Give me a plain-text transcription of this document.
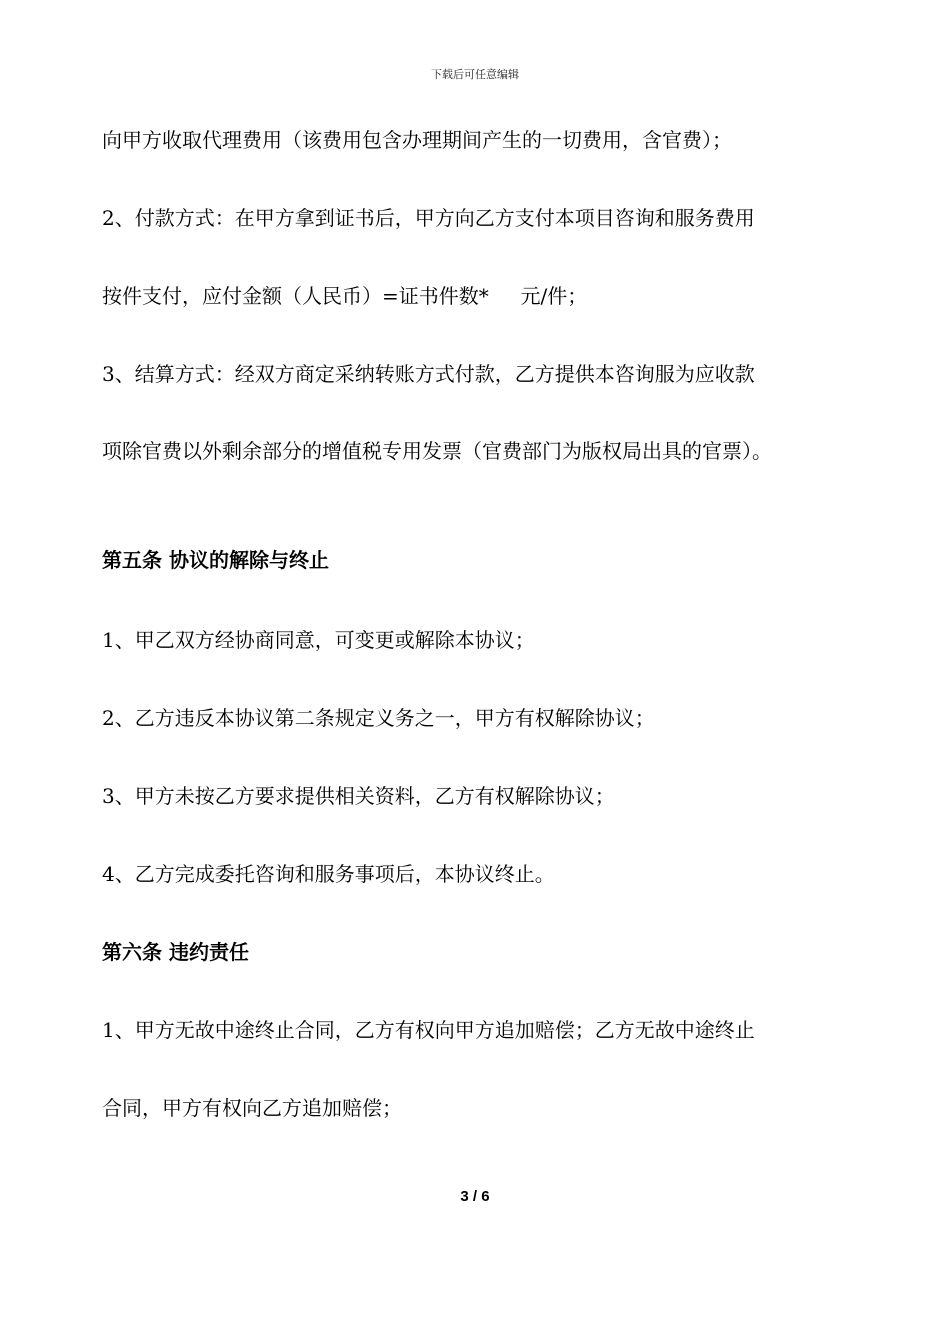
下载后可任意编辑
向甲方收取代理费用（该费用包含办理期间产生的一切费用，含官费）；
2、付款方式：在甲方拿到证书后，甲方向乙方支付本项目咨询和服务费用
按件支付，应付金额（人民币）=证书件数*     元/件；
3、结算方式：经双方商定采纳转账方式付款，乙方提供本咨询服为应收款
项除官费以外剩余部分的增值税专用发票（官费部门为版权局出具的官票）。
第五条 协议的解除与终止
1、甲乙双方经协商同意，可变更或解除本协议；
2、乙方违反本协议第二条规定义务之一，甲方有权解除协议；
3、甲方未按乙方要求提供相关资料，乙方有权解除协议；
4、乙方完成委托咨询和服务事项后，本协议终止。
第六条 违约责任
1、甲方无故中途终止合同，乙方有权向甲方追加赔偿；乙方无故中途终止
合同，甲方有权向乙方追加赔偿；
3 / 6
